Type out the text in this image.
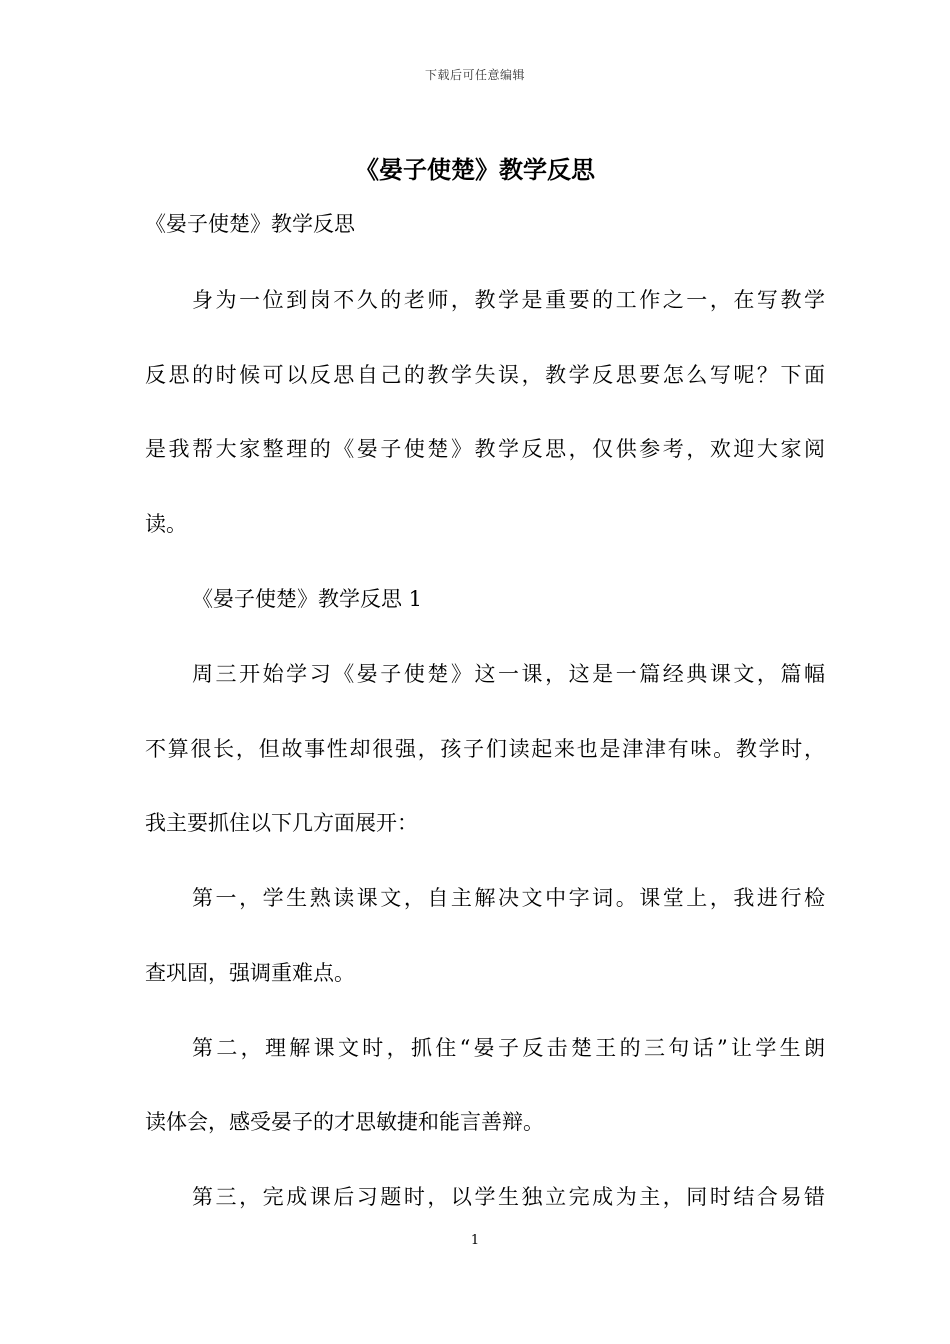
下载后可任意编辑
《晏子使楚》教学反思
《晏子使楚》教学反思
身为一位到岗不久的老师，教学是重要的工作之一，在写教学
反思的时候可以反思自己的教学失误，教学反思要怎么写呢？下面
是我帮大家整理的《晏子使楚》教学反思，仅供参考，欢迎大家阅
读。
《晏子使楚》教学反思 1
周三开始学习《晏子使楚》这一课，这是一篇经典课文，篇幅
不算很长，但故事性却很强，孩子们读起来也是津津有味。教学时，
我主要抓住以下几方面展开：
第一，学生熟读课文，自主解决文中字词。课堂上，我进行检
查巩固，强调重难点。
第二，理解课文时，抓住“晏子反击楚王的三句话”让学生朗
读体会，感受晏子的才思敏捷和能言善辩。
第三，完成课后习题时，以学生独立完成为主，同时结合易错
1
